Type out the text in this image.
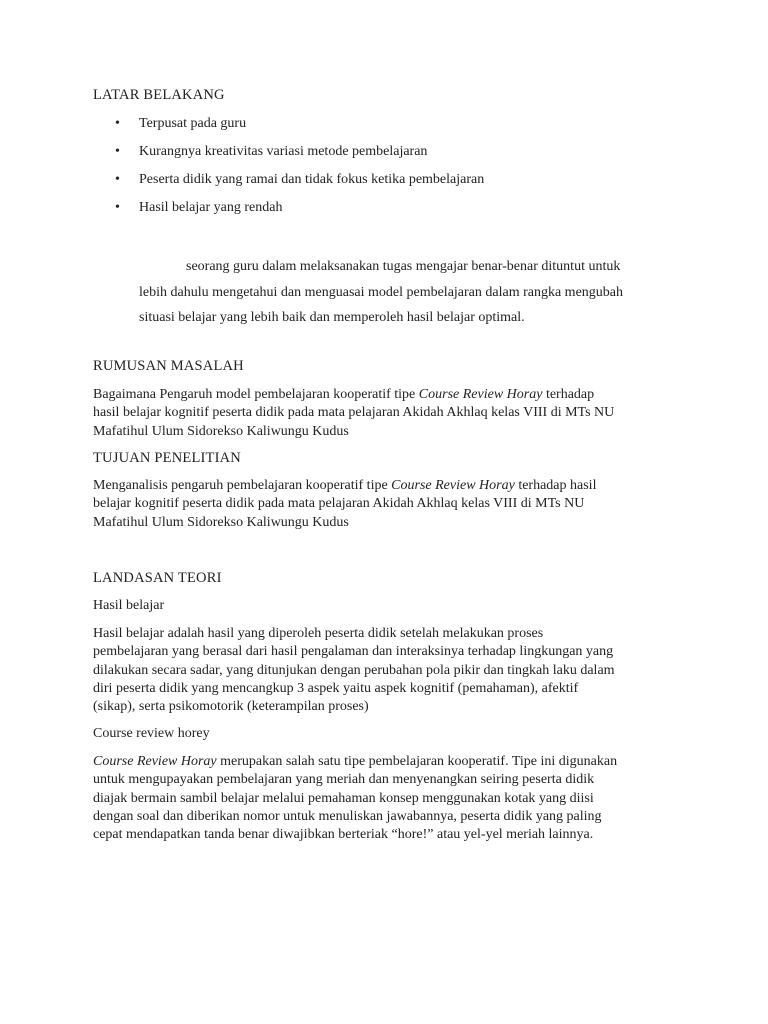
LATAR BELAKANG
• Terpusat pada guru
• Kurangnya kreativitas variasi metode pembelajaran
• Peserta didik yang ramai dan tidak fokus ketika pembelajaran
• Hasil belajar yang rendah

seorang guru dalam melaksanakan tugas mengajar benar-benar dituntut untuk
lebih dahulu mengetahui dan menguasai model pembelajaran dalam rangka mengubah
situasi belajar yang lebih baik dan memperoleh hasil belajar optimal.

RUMUSAN MASALAH

Bagaimana Pengaruh model pembelajaran kooperatif tipe Course Review Horay terhadap
hasil belajar kognitif peserta didik pada mata pelajaran Akidah Akhlaq kelas VIII di MTs NU
Mafatihul Ulum Sidorekso Kaliwungu Kudus

TUJUAN PENELITIAN

Menganalisis pengaruh pembelajaran kooperatif tipe Course Review Horay terhadap hasil
belajar kognitif peserta didik pada mata pelajaran Akidah Akhlaq kelas VIII di MTs NU
Mafatihul Ulum Sidorekso Kaliwungu Kudus

LANDASAN TEORI

Hasil belajar

Hasil belajar adalah hasil yang diperoleh peserta didik setelah melakukan proses
pembelajaran yang berasal dari hasil pengalaman dan interaksinya terhadap lingkungan yang
dilakukan secara sadar, yang ditunjukan dengan perubahan pola pikir dan tingkah laku dalam
diri peserta didik yang mencangkup 3 aspek yaitu aspek kognitif (pemahaman), afektif
(sikap), serta psikomotorik (keterampilan proses)

Course review horey

Course Review Horay merupakan salah satu tipe pembelajaran kooperatif. Tipe ini digunakan
untuk mengupayakan pembelajaran yang meriah dan menyenangkan seiring peserta didik
diajak bermain sambil belajar melalui pemahaman konsep menggunakan kotak yang diisi
dengan soal dan diberikan nomor untuk menuliskan jawabannya, peserta didik yang paling
cepat mendapatkan tanda benar diwajibkan berteriak “hore!” atau yel-yel meriah lainnya.
